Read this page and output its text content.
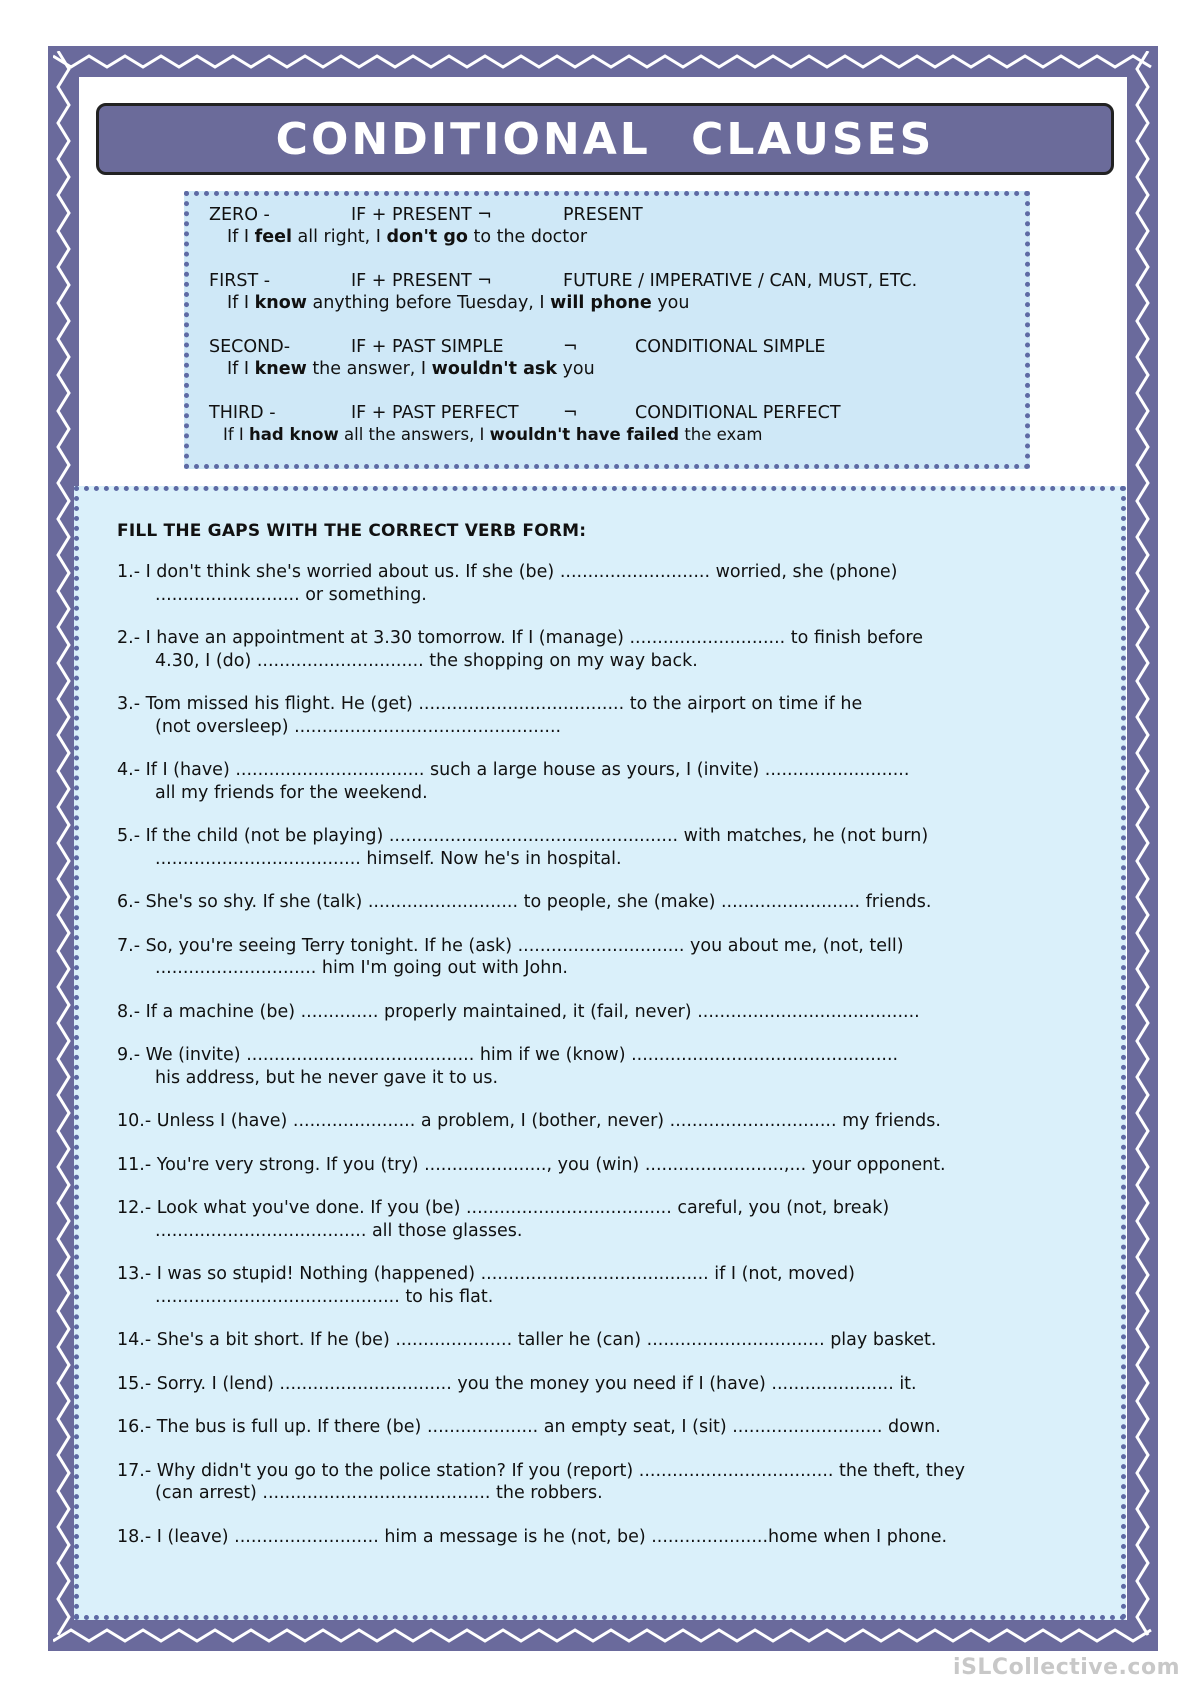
CONDITIONAL CLAUSES
ZERO -	IF + PRESENT ¬	PRESENT
If I feel all right, I don't go to the doctor
FIRST -	IF + PRESENT ¬	FUTURE / IMPERATIVE / CAN, MUST, ETC.
If I know anything before Tuesday, I will phone you
SECOND-	IF + PAST SIMPLE	¬	CONDITIONAL SIMPLE
If I knew the answer, I wouldn't ask you
THIRD -	IF + PAST PERFECT	¬	CONDITIONAL PERFECT
If I had know all the answers, I wouldn't have failed the exam
FILL THE GAPS WITH THE CORRECT VERB FORM:
1.- I don't think she's worried about us. If she (be) ........................... worried, she (phone)
.......................... or something.
2.- I have an appointment at 3.30 tomorrow. If I (manage) ............................ to finish before
4.30, I (do) .............................. the shopping on my way back.
3.- Tom missed his flight. He (get) ..................................... to the airport on time if he
(not oversleep) ................................................
4.- If I (have) .................................. such a large house as yours, I (invite) ..........................
all my friends for the weekend.
5.- If the child (not be playing) .................................................... with matches, he (not burn)
..................................... himself. Now he's in hospital.
6.- She's so shy. If she (talk) ........................... to people, she (make) ......................... friends.
7.- So, you're seeing Terry tonight. If he (ask) .............................. you about me, (not, tell)
............................. him I'm going out with John.
8.- If a machine (be) .............. properly maintained, it (fail, never) ........................................
9.- We (invite) ......................................... him if we (know) ................................................
his address, but he never gave it to us.
10.- Unless I (have) ...................... a problem, I (bother, never) .............................. my friends.
11.- You're very strong. If you (try) ......................, you (win) .........................,... your opponent.
12.- Look what you've done. If you (be) ..................................... careful, you (not, break)
...................................... all those glasses.
13.- I was so stupid! Nothing (happened) ......................................... if I (not, moved)
............................................ to his flat.
14.- She's a bit short. If he (be) ..................... taller he (can) ................................ play basket.
15.- Sorry. I (lend) ............................... you the money you need if I (have) ...................... it.
16.- The bus is full up. If there (be) .................... an empty seat, I (sit) ........................... down.
17.- Why didn't you go to the police station? If you (report) ................................... the theft, they
(can arrest) ......................................... the robbers.
18.- I (leave) .......................... him a message is he (not, be) .....................home when I phone.
iSLCollective.com
